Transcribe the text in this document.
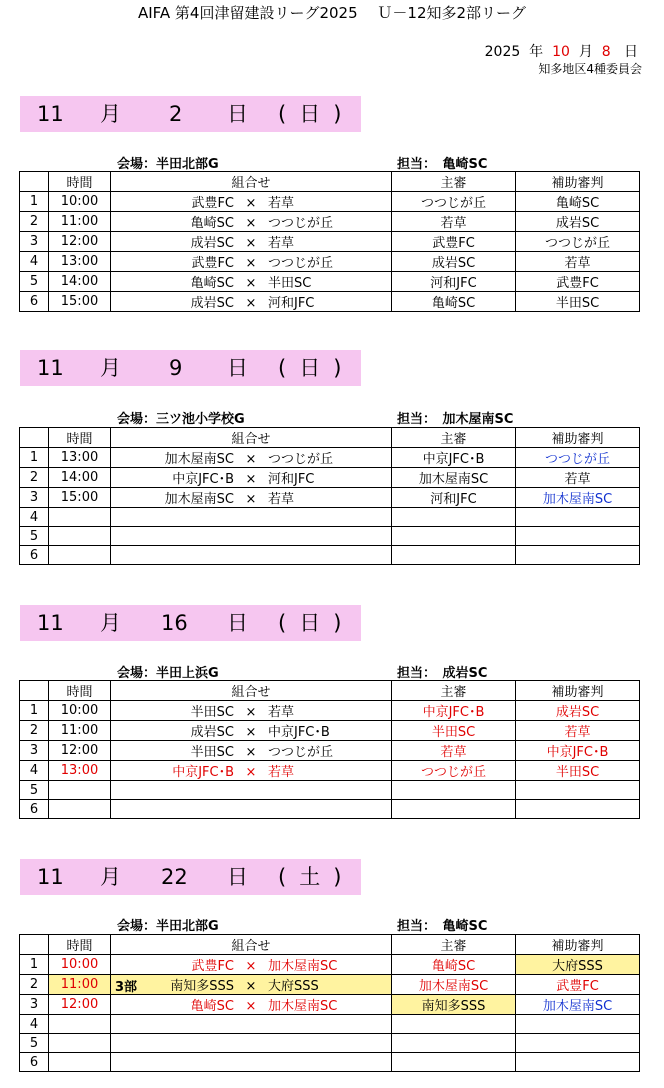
AIFA 第4回津留建設リーグ2025　 Ｕ－12知多2部リーグ
2025 年 10 月 8 日
知多地区4種委員会
11 月 2 日 (日)
会場：半田北部G	担当：　亀崎SC
	時間	組合せ	主審	補助審判
1	10:00	武豊FC × 若草	つつじが丘	亀崎SC
2	11:00	亀崎SC × つつじが丘	若草	成岩SC
3	12:00	成岩SC × 若草	武豊FC	つつじが丘
4	13:00	武豊FC × つつじが丘	成岩SC	若草
5	14:00	亀崎SC × 半田SC	河和JFC	武豊FC
6	15:00	成岩SC × 河和JFC	亀崎SC	半田SC
11 月 9 日 (日)
会場：三ツ池小学校G	担当：　加木屋南SC
	時間	組合せ	主審	補助審判
1	13:00	加木屋南SC × つつじが丘	中京JFC･B	つつじが丘
2	14:00	中京JFC･B × 河和JFC	加木屋南SC	若草
3	15:00	加木屋南SC × 若草	河和JFC	加木屋南SC
4				
5				
6				
11 月 16 日 (日)
会場：半田上浜G	担当：　成岩SC
	時間	組合せ	主審	補助審判
1	10:00	半田SC × 若草	中京JFC･B	成岩SC
2	11:00	成岩SC × 中京JFC･B	半田SC	若草
3	12:00	半田SC × つつじが丘	若草	中京JFC･B
4	13:00	中京JFC･B × 若草	つつじが丘	半田SC
5				
6				
11 月 22 日 (土)
会場：半田北部G	担当：　亀崎SC
	時間	組合せ	主審	補助審判
1	10:00	武豊FC × 加木屋南SC	亀崎SC	大府SSS
2	11:00	3部 南知多SSS × 大府SSS	加木屋南SC	武豊FC
3	12:00	亀崎SC × 加木屋南SC	南知多SSS	加木屋南SC
4				
5				
6				
